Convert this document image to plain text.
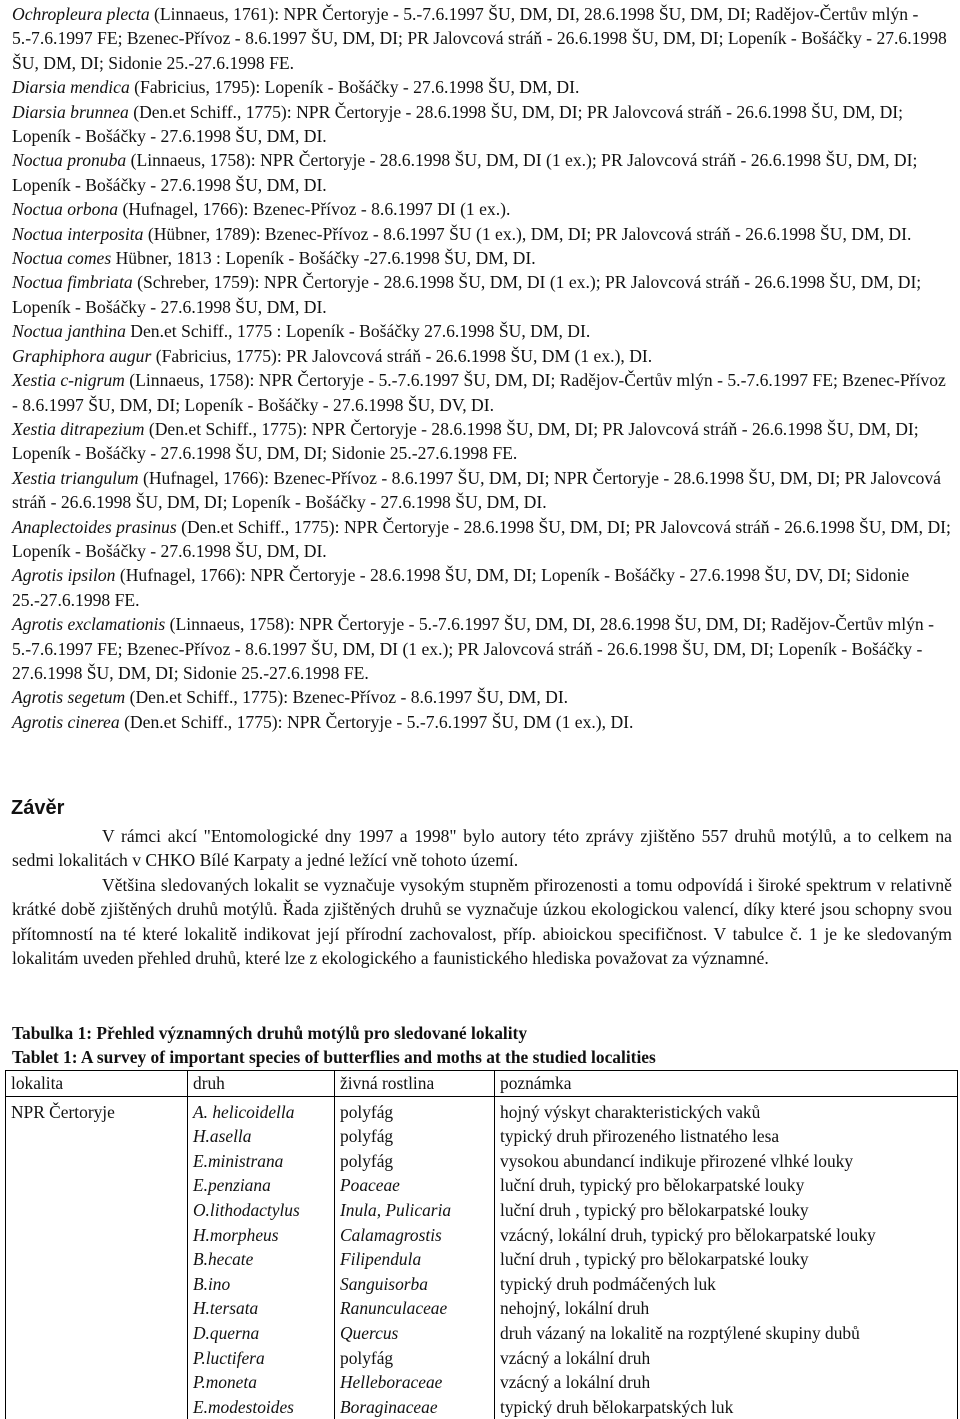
Ochropleura plecta (Linnaeus, 1761): NPR Čertoryje - 5.-7.6.1997 ŠU, DM, DI, 28.6.1998 ŠU, DM, DI; Radějov-Čertův mlýn - 5.-7.6.1997 FE; Bzenec-Přívoz - 8.6.1997 ŠU, DM, DI; PR Jalovcová stráň - 26.6.1998 ŠU, DM, DI; Lopeník - Bošáčky - 27.6.1998 ŠU, DM, DI; Sidonie 25.-27.6.1998 FE.

Diarsia mendica (Fabricius, 1795): Lopeník - Bošáčky - 27.6.1998 ŠU, DM, DI.

Diarsia brunnea (Den.et Schiff., 1775): NPR Čertoryje - 28.6.1998 ŠU, DM, DI; PR Jalovcová stráň - 26.6.1998 ŠU, DM, DI; Lopeník - Bošáčky - 27.6.1998 ŠU, DM, DI.

Noctua pronuba (Linnaeus, 1758): NPR Čertoryje - 28.6.1998 ŠU, DM, DI (1 ex.); PR Jalovcová stráň - 26.6.1998 ŠU, DM, DI; Lopeník - Bošáčky - 27.6.1998 ŠU, DM, DI.

Noctua orbona (Hufnagel, 1766): Bzenec-Přívoz - 8.6.1997 DI (1 ex.).

Noctua interposita (Hübner, 1789): Bzenec-Přívoz - 8.6.1997 ŠU (1 ex.), DM, DI; PR Jalovcová stráň - 26.6.1998 ŠU, DM, DI.

Noctua comes Hübner, 1813 : Lopeník - Bošáčky -27.6.1998 ŠU, DM, DI.

Noctua fimbriata (Schreber, 1759): NPR Čertoryje - 28.6.1998 ŠU, DM, DI (1 ex.); PR Jalovcová stráň - 26.6.1998 ŠU, DM, DI; Lopeník - Bošáčky - 27.6.1998 ŠU, DM, DI.

Noctua janthina Den.et Schiff., 1775 : Lopeník - Bošáčky 27.6.1998 ŠU, DM, DI.

Graphiphora augur (Fabricius, 1775): PR Jalovcová stráň - 26.6.1998 ŠU, DM (1 ex.), DI.

Xestia c-nigrum (Linnaeus, 1758): NPR Čertoryje - 5.-7.6.1997 ŠU, DM, DI; Radějov-Čertův mlýn - 5.-7.6.1997 FE; Bzenec-Přívoz - 8.6.1997 ŠU, DM, DI; Lopeník - Bošáčky - 27.6.1998 ŠU, DV, DI.

Xestia ditrapezium (Den.et Schiff., 1775): NPR Čertoryje - 28.6.1998 ŠU, DM, DI; PR Jalovcová stráň - 26.6.1998 ŠU, DM, DI; Lopeník - Bošáčky - 27.6.1998 ŠU, DM, DI; Sidonie 25.-27.6.1998 FE.

Xestia triangulum (Hufnagel, 1766): Bzenec-Přívoz - 8.6.1997 ŠU, DM, DI; NPR Čertoryje - 28.6.1998 ŠU, DM, DI; PR Jalovcová stráň - 26.6.1998 ŠU, DM, DI; Lopeník - Bošáčky - 27.6.1998 ŠU, DM, DI.

Anaplectoides prasinus (Den.et Schiff., 1775): NPR Čertoryje - 28.6.1998 ŠU, DM, DI; PR Jalovcová stráň - 26.6.1998 ŠU, DM, DI; Lopeník - Bošáčky - 27.6.1998 ŠU, DM, DI.

Agrotis ipsilon (Hufnagel, 1766): NPR Čertoryje - 28.6.1998 ŠU, DM, DI; Lopeník - Bošáčky - 27.6.1998 ŠU, DV, DI; Sidonie 25.-27.6.1998 FE.

Agrotis exclamationis (Linnaeus, 1758): NPR Čertoryje - 5.-7.6.1997 ŠU, DM, DI, 28.6.1998 ŠU, DM, DI; Radějov-Čertův mlýn - 5.-7.6.1997 FE; Bzenec-Přívoz - 8.6.1997 ŠU, DM, DI (1 ex.); PR Jalovcová stráň - 26.6.1998 ŠU, DM, DI; Lopeník - Bošáčky - 27.6.1998 ŠU, DM, DI; Sidonie 25.-27.6.1998 FE.

Agrotis segetum (Den.et Schiff., 1775): Bzenec-Přívoz - 8.6.1997 ŠU, DM, DI.

Agrotis cinerea (Den.et Schiff., 1775): NPR Čertoryje - 5.-7.6.1997 ŠU, DM (1 ex.), DI.

Závěr

V rámci akcí "Entomologické dny 1997 a 1998" bylo autory této zprávy zjištěno 557 druhů motýlů, a to celkem na sedmi lokalitách v CHKO Bílé Karpaty a jedné ležící vně tohoto území.

Většina sledovaných lokalit se vyznačuje vysokým stupněm přirozenosti a tomu odpovídá i široké spektrum v relativně krátké době zjištěných druhů motýlů. Řada zjištěných druhů se vyznačuje úzkou ekologickou valencí, díky které jsou schopny svou přítomností na té které lokalitě indikovat její přírodní zachovalost, příp. abioickou specifičnost. V tabulce č. 1 je ke sledovaným lokalitám uveden přehled druhů, které lze z ekologického a faunistického hlediska považovat za významné.

Tabulka 1: Přehled významných druhů motýlů pro sledované lokality
Tablet 1: A survey of important species of butterflies and moths at the studied localities
lokalita	druh	živná rostlina	poznámka
NPR Čertoryje	A. helicoidella	polyfág	hojný výskyt charakteristických vaků
	H.asella	polyfág	typický druh přirozeného listnatého lesa
	E.ministrana	polyfág	vysokou abundancí indikuje přirozené vlhké louky
	E.penziana	Poaceae	luční druh, typický pro bělokarpatské louky
	O.lithodactylus	Inula, Pulicaria	luční druh , typický pro bělokarpatské louky
	H.morpheus	Calamagrostis	vzácný, lokální druh, typický pro bělokarpatské louky
	B.hecate	Filipendula	luční druh , typický pro bělokarpatské louky
	B.ino	Sanguisorba	typický druh podmáčených luk
	H.tersata	Ranunculaceae	nehojný, lokální druh
	D.querna	Quercus	druh vázaný na lokalitě na rozptýlené skupiny dubů
	P.luctifera	polyfág	vzácný a lokální druh
	P.moneta	Helleboraceae	vzácný a lokální druh
	E.modestoides	Boraginaceae	typický druh bělokarpatských luk
